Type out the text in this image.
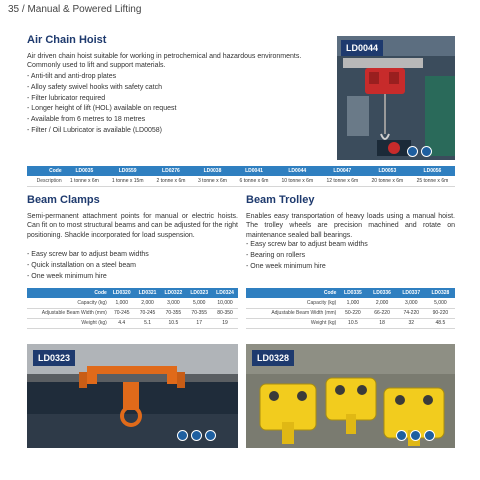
35 / Manual & Powered Lifting
Air Chain Hoist
Air driven chain hoist suitable for working in petrochemical and hazardous environments. Commonly used to lift and support materials.
- Anti-tilt and anti-drop plates
- Alloy safety swivel hooks with safety catch
- Filter lubricator required
- Longer height of lift (HOL) available on request
- Available from 6 metres to 18 metres
- Filter / Oil Lubricator is available (LD0058)
LD0044
Code	LD0035	LD0559	LD0276	LD0038	LD0041	LD0044	LD0047	LD0053	LD0056
Description	1 tonne x 6m	1 tonne x 15m	2 tonne x 6m	3 tonne x 6m	6 tonne x 6m	10 tonne x 6m	12 tonne x 6m	20 tonne x 6m	25 tonne x 6m
Beam Clamps
Semi-permanent attachment points for manual or electric hoists. Can fit on to most structural beams and can be adjusted for the right positioning. Shackle incorporated for load suspension.
- Easy screw bar to adjust beam widths
- Quick installation on a steel beam
- One week minimum hire
Code	LD0320	LD0321	LD0322	LD0323	LD0324
Capacity (kg)	1,000	2,000	3,000	5,000	10,000
Adjustable Beam Width (mm)	70-245	70-245	70-355	70-355	80-350
Weight (kg)	4.4	5.1	10.5	17	19
LD0323
Beam Trolley
Enables easy transportation of heavy loads using a manual hoist. The trolley wheels are precision machined and rotate on maintenance sealed ball bearings.
- Easy screw bar to adjust beam widths
- Bearing on rollers
- One week minimum hire
Code	LD0335	LD0336	LD0337	LD0328
Capacity (kg)	1,000	2,000	3,000	5,000
Adjustable Beam Width (mm)	50-220	66-220	74-220	90-220
Weight (kg)	10.5	18	32	48.5
LD0328
